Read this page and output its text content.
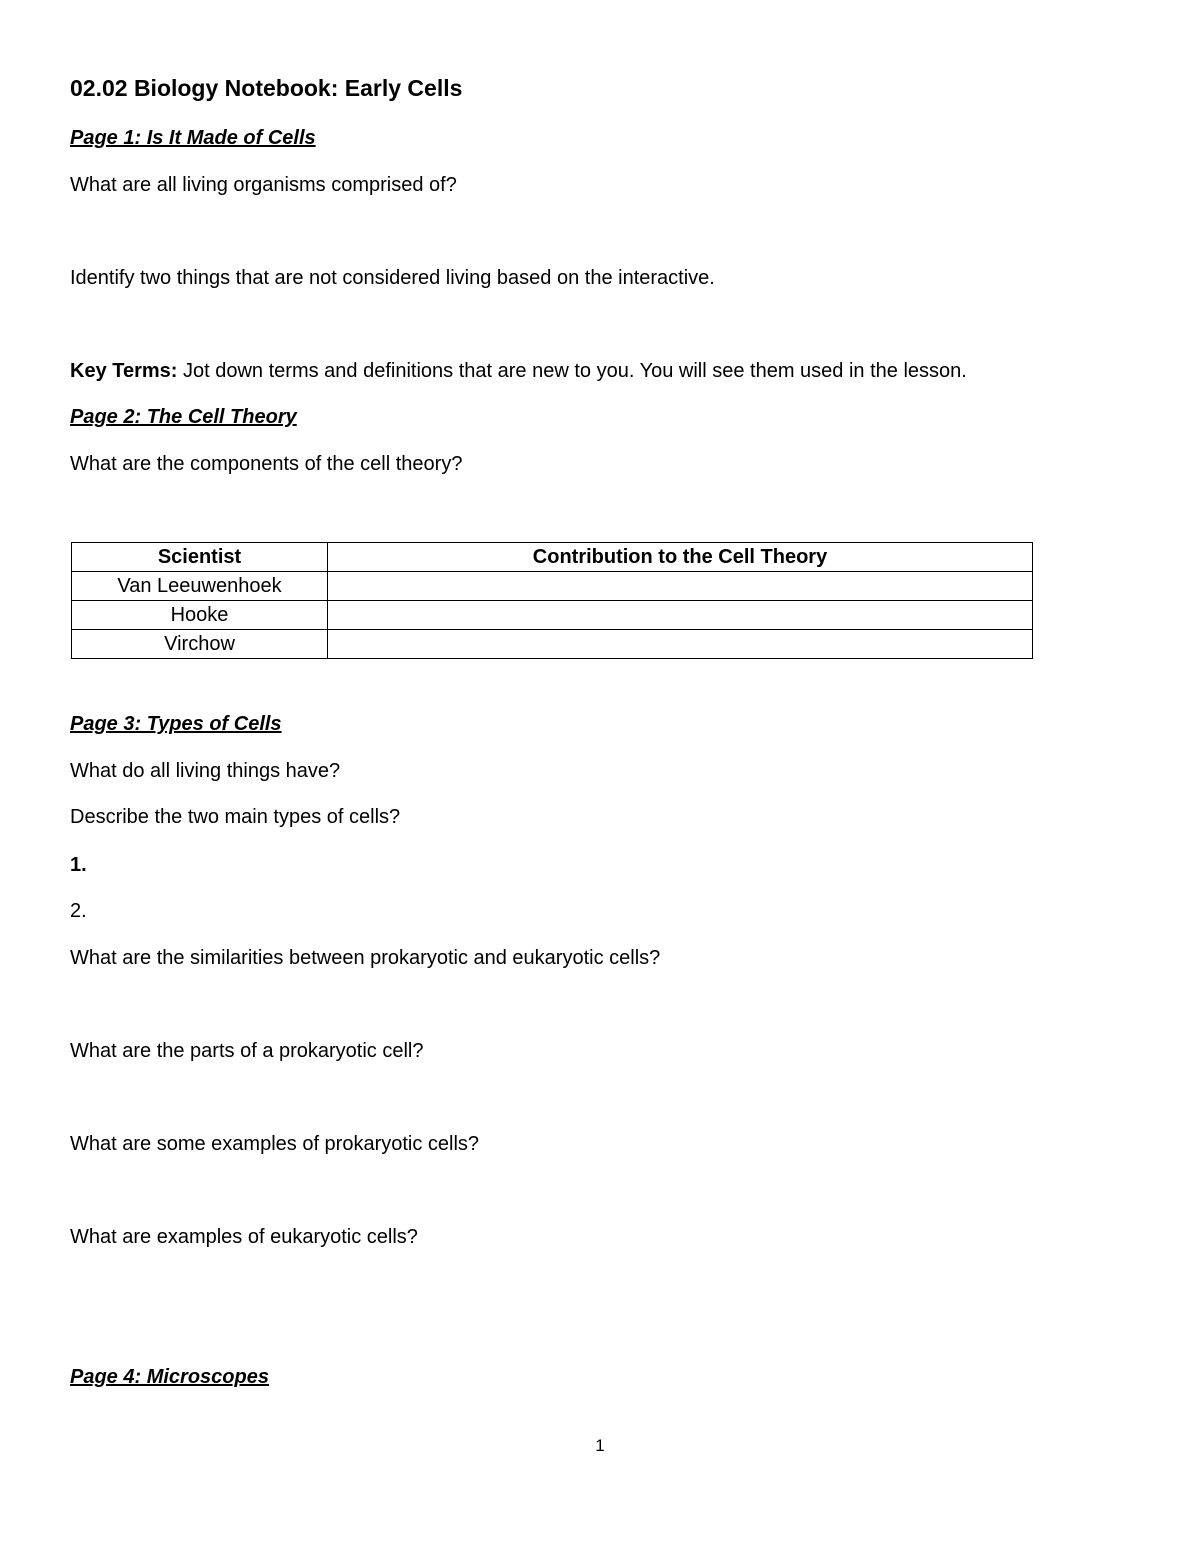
02.02 Biology Notebook: Early Cells
Page 1: Is It Made of Cells
What are all living organisms comprised of?
Identify two things that are not considered living based on the interactive.
Key Terms: Jot down terms and definitions that are new to you. You will see them used in the lesson.
Page 2: The Cell Theory
What are the components of the cell theory?
Scientist	Contribution to the Cell Theory
Van Leeuwenhoek	
Hooke	
Virchow	
Page 3: Types of Cells
What do all living things have?
Describe the two main types of cells?
1.
2.
What are the similarities between prokaryotic and eukaryotic cells?
What are the parts of a prokaryotic cell?
What are some examples of prokaryotic cells?
What are examples of eukaryotic cells?
Page 4: Microscopes
1
